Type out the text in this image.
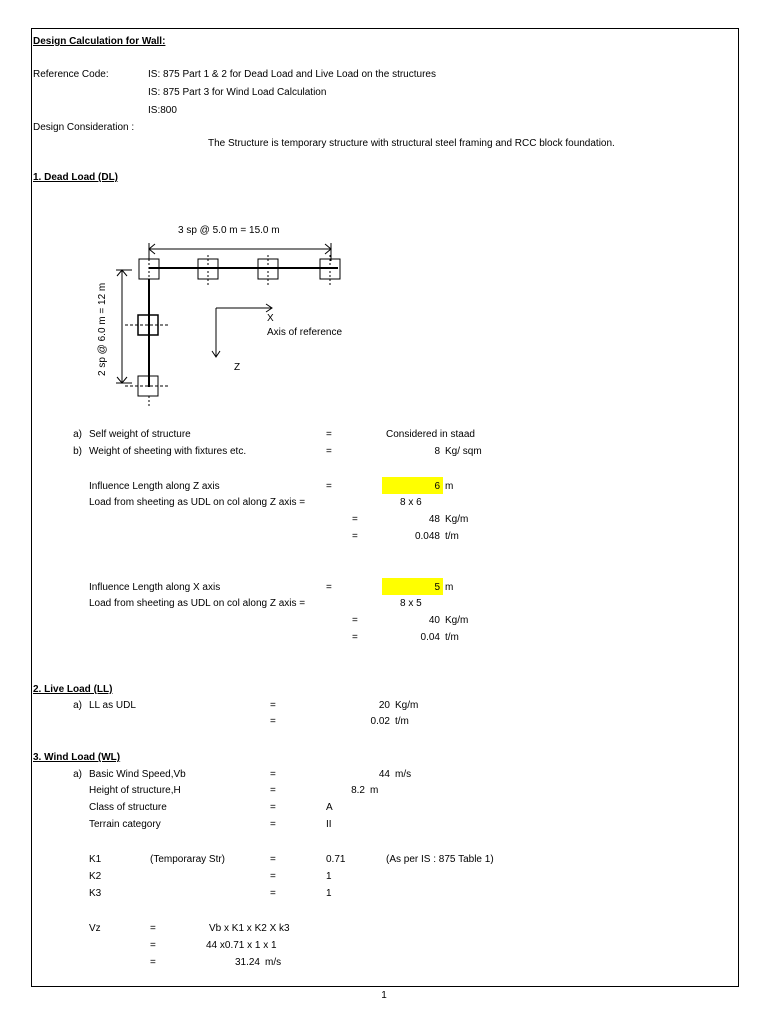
Design Calculation for Wall:
Reference Code:	IS: 875 Part 1 & 2 for Dead Load and Live Load on the structures
IS: 875 Part 3 for Wind Load Calculation
IS:800
Design Consideration :
The Structure is temporary structure with structural steel framing and RCC block foundation.
1. Dead Load (DL)
3 sp @ 5.0 m = 15.0 m
2 sp @ 6.0 m = 12 m	X
Axis of reference
Z
a) Self weight of structure	=	Considered in staad
b) Weight of sheeting with fixtures etc.	=	8 Kg/ sqm
Influence Length along Z axis	=	6 m
Load from sheeting as UDL on col along Z axis =	8 x 6
=	48 Kg/m
=	0.048 t/m
Influence Length along X axis	=	5 m
Load from sheeting as UDL on col along Z axis =	8 x 5
=	40 Kg/m
=	0.04 t/m
2. Live Load (LL)
a) LL as UDL	=	20 Kg/m
=	0.02 t/m
3. Wind Load (WL)
a) Basic Wind Speed,Vb	=	44 m/s
Height of structure,H	=	8.2 m
Class of structure	=	A
Terrain category	=	II
K1	(Temporaray Str)	=	0.71	(As per IS : 875 Table 1)
K2	=	1
K3	=	1
Vz	=	Vb x K1 x K2 X k3
=	44 x0.71 x 1 x 1
=	31.24 m/s
1
